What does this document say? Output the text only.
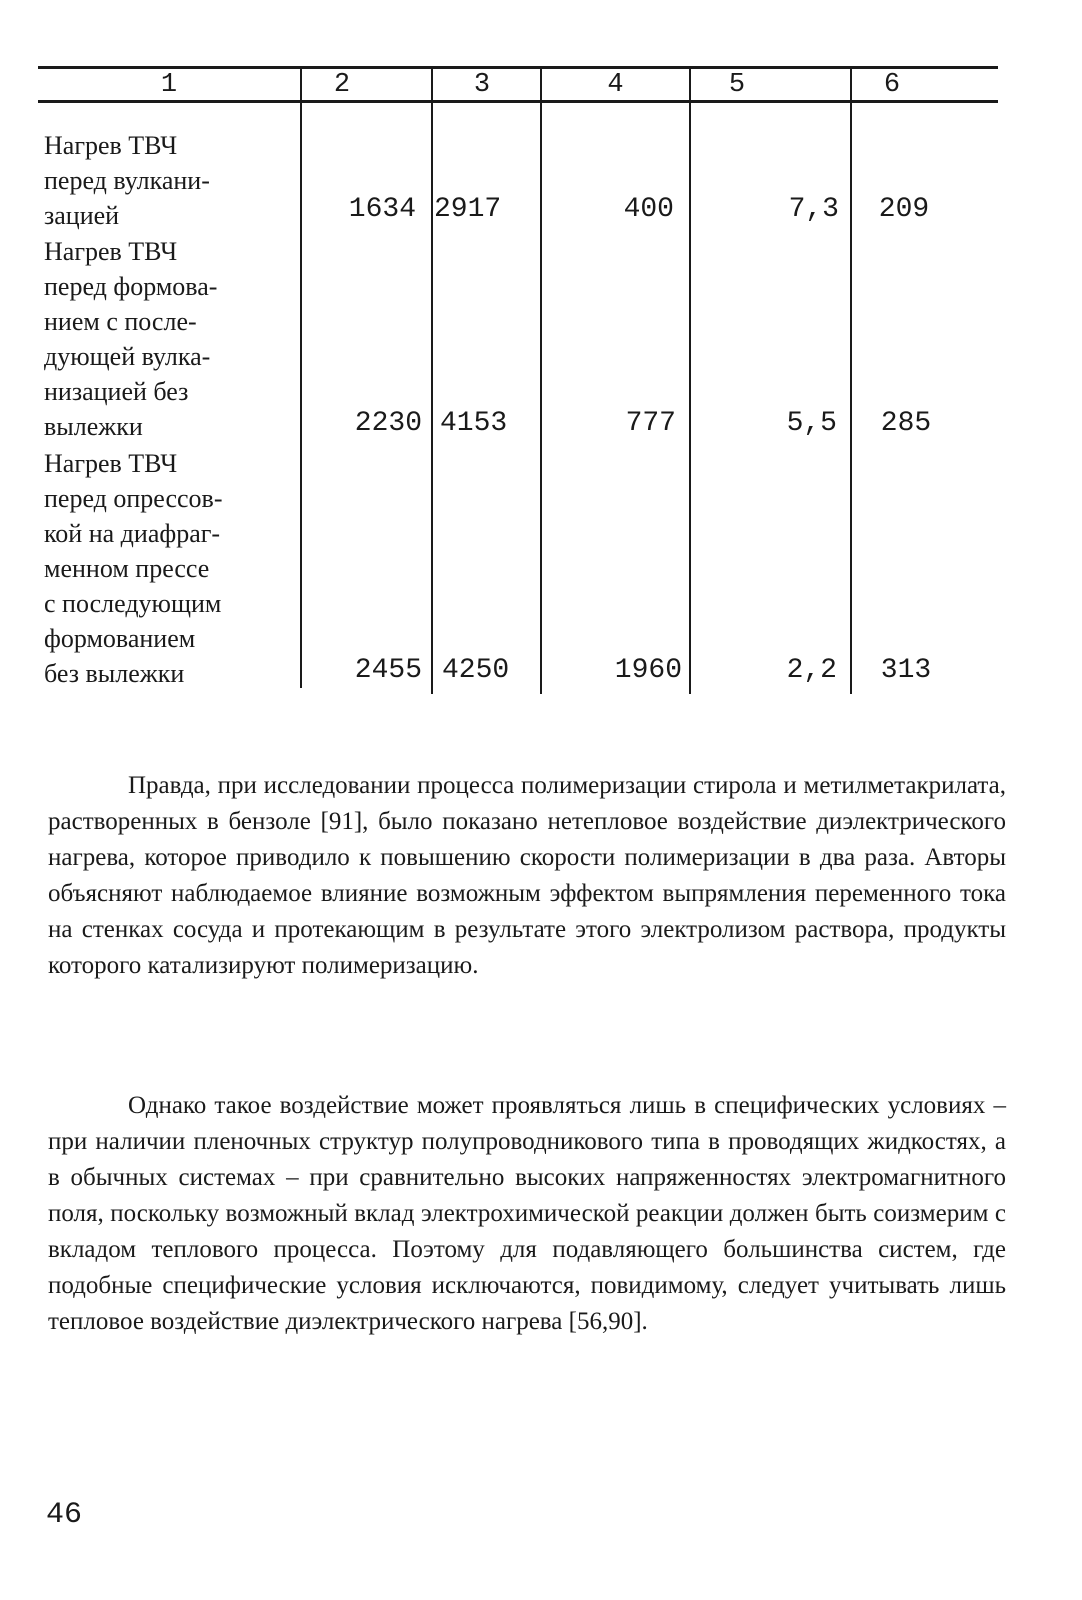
1	2	3	4	5	6
Нагрев ТВЧ
перед вулкани-
зацией	1634 2917	400	7,3	209
Нагрев ТВЧ
перед формова-
нием с после-
дующей вулка-
низацией без
вылежки	2230 4153	777	5,5	285
Нагрев ТВЧ
перед опрессов-
кой на диафраг-
менном прессе
с последующим
формованием
без вылежки	2455 4250	1960	2,2	313
Правда, при исследовании процесса полимеризации стирола и метилметакрилата, растворенных в бензоле [91], было показано нетепловое воздействие диэлектрического нагрева, которое приводило к повышению скорости полимеризации в два раза. Авторы объясняют наблюдаемое влияние возможным эффектом выпрямления переменного тока на стенках сосуда и протекающим в результате этого электролизом раствора, продукты которого катализируют полимеризацию.
Однако такое воздействие может проявляться лишь в специфических условиях – при наличии пленочных структур полупроводникового типа в проводящих жидкостях, а в обычных системах – при сравнительно высоких напряженностях электромагнитного поля, поскольку возможный вклад электрохимической реакции должен быть соизмерим с вкладом теплового процесса. Поэтому для подавляющего большинства систем, где подобные специфические условия исключаются, повидимому, следует учитывать лишь тепловое воздействие диэлектрического нагрева [56,90].
46
